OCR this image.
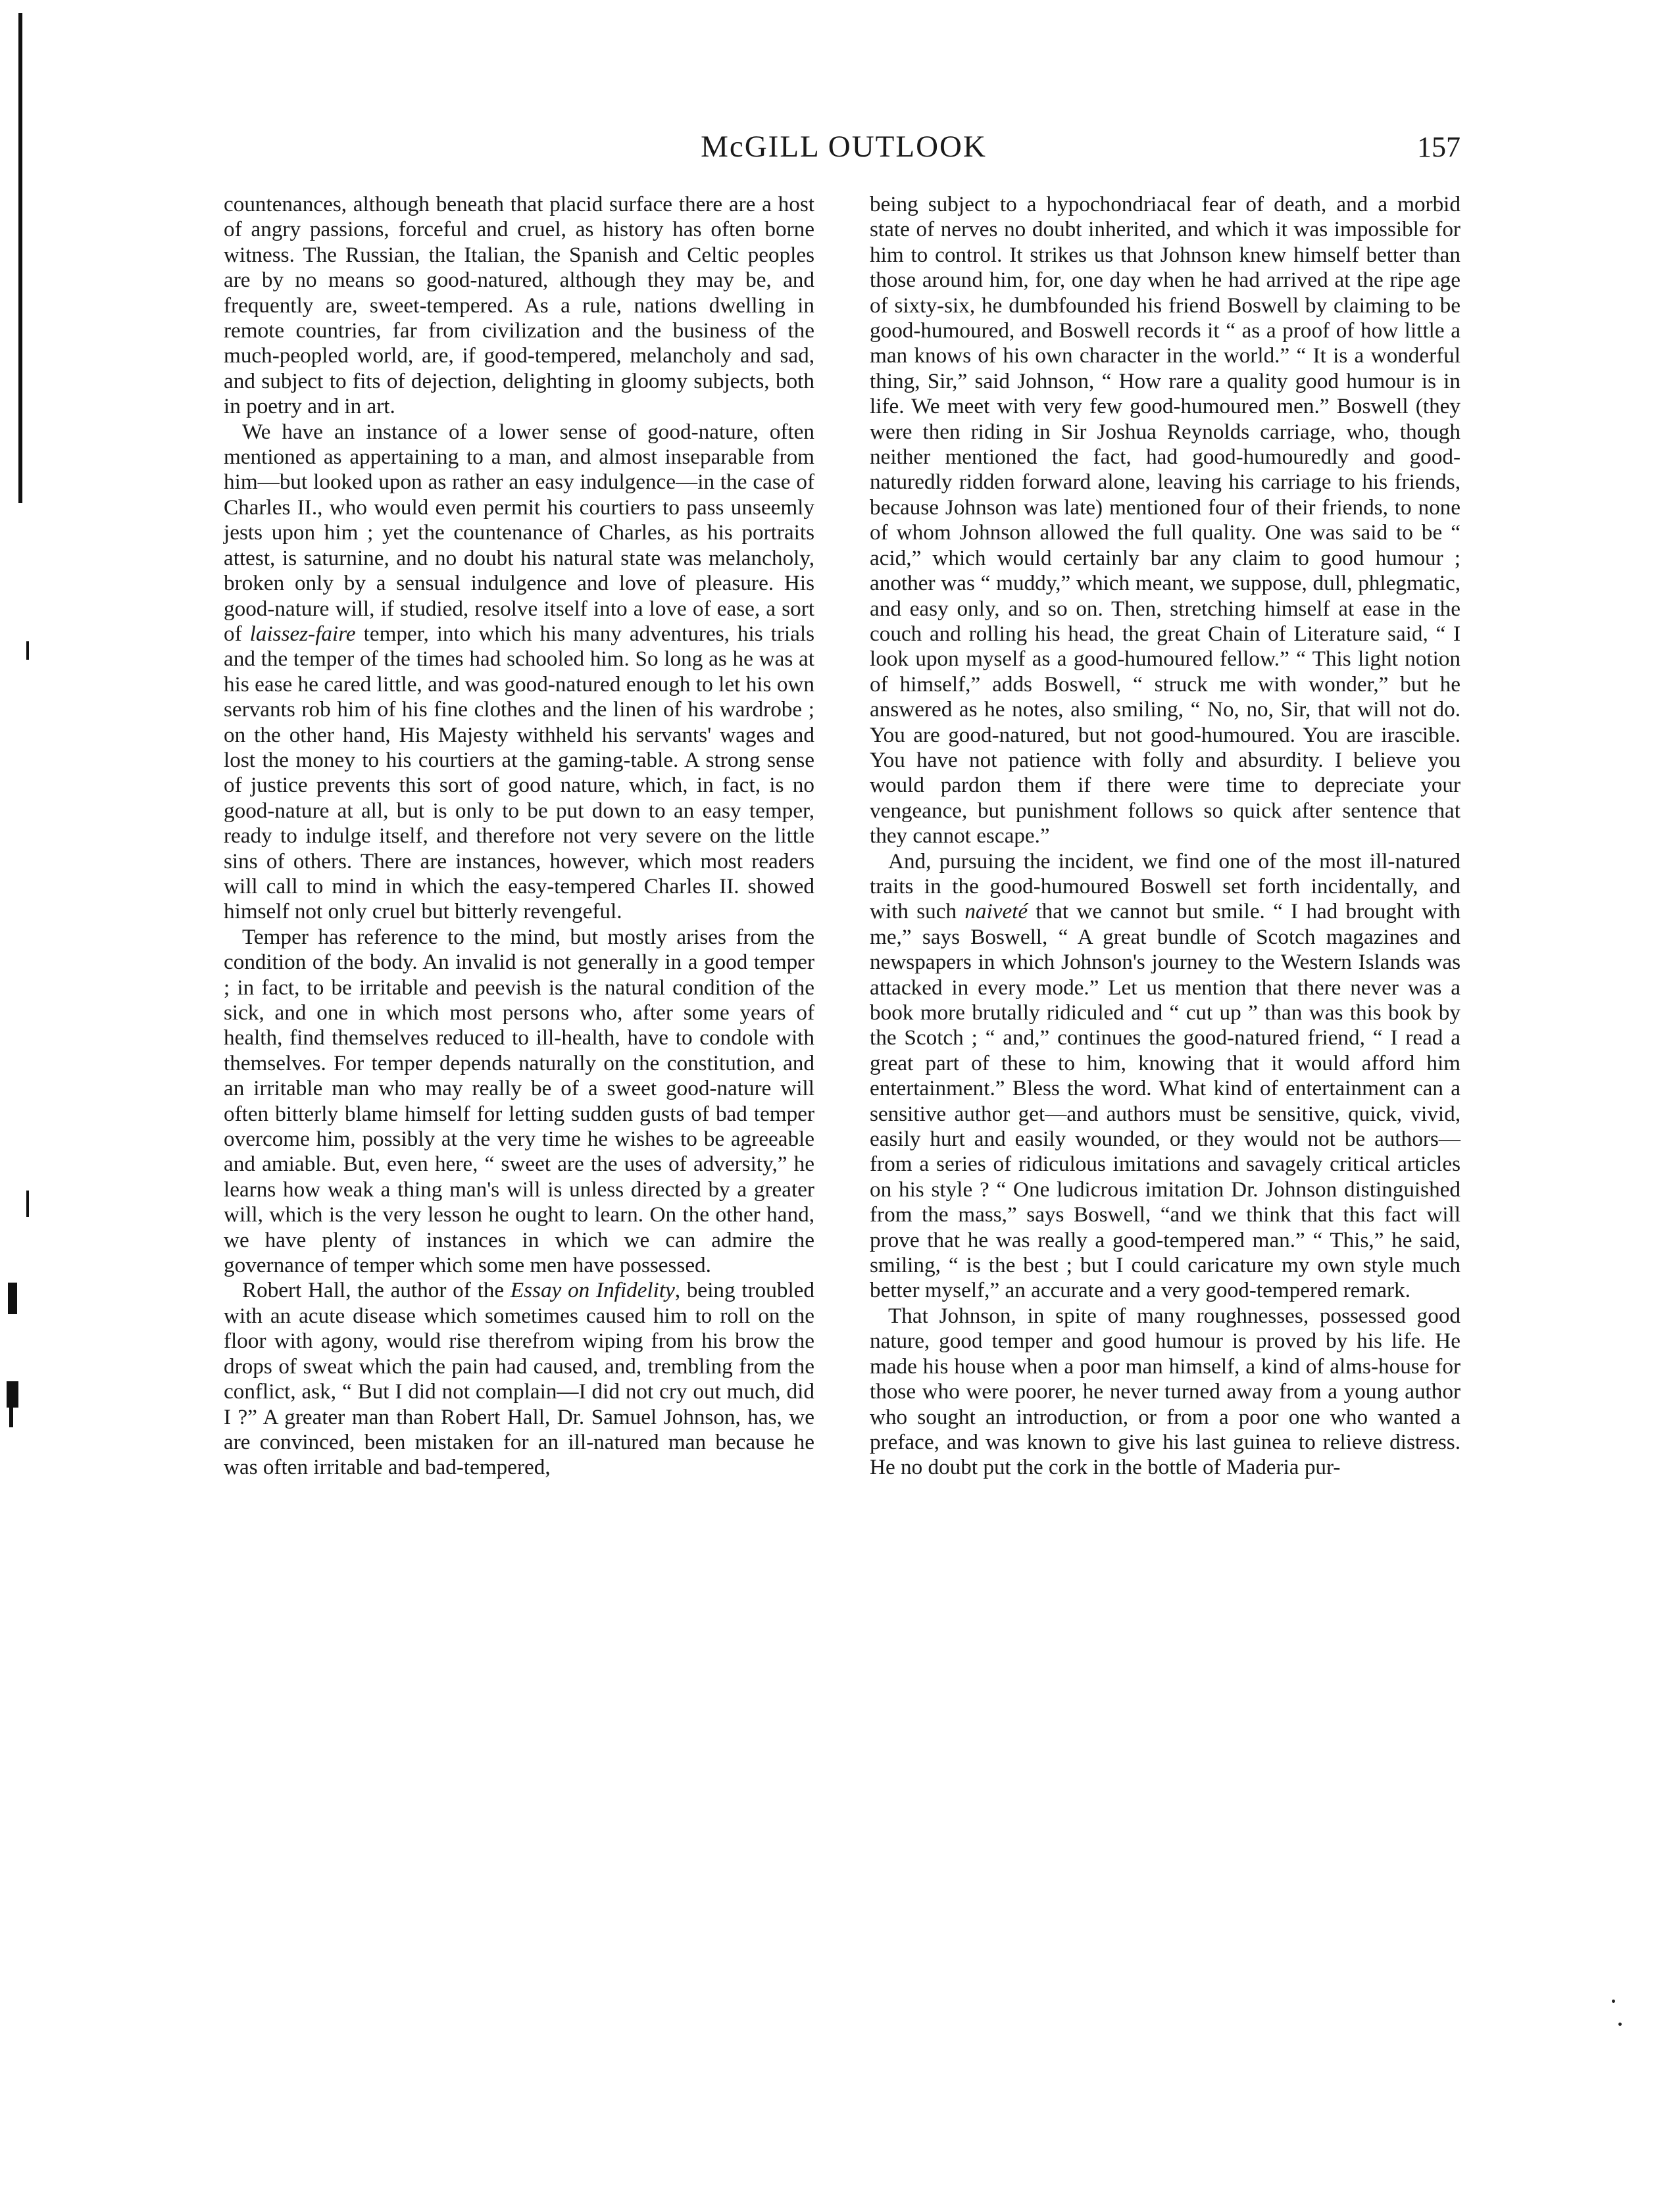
McGILL OUTLOOK	157

countenances, although beneath that placid surface there are a host of angry passions, forceful and cruel, as history has often borne witness. The Russian, the Italian, the Spanish and Celtic peoples are by no means so good-natured, although they may be, and frequently are, sweet-tempered. As a rule, nations dwelling in remote countries, far from civilization and the business of the much-peopled world, are, if good-tempered, melancholy and sad, and subject to fits of dejection, delighting in gloomy subjects, both in poetry and in art.

We have an instance of a lower sense of good-nature, often mentioned as appertaining to a man, and almost inseparable from him—but looked upon as rather an easy indulgence—in the case of Charles II., who would even permit his courtiers to pass unseemly jests upon him ; yet the countenance of Charles, as his portraits attest, is saturnine, and no doubt his natural state was melancholy, broken only by a sensual indulgence and love of pleasure. His good-nature will, if studied, resolve itself into a love of ease, a sort of laissez-faire temper, into which his many adventures, his trials and the temper of the times had schooled him. So long as he was at his ease he cared little, and was good-natured enough to let his own servants rob him of his fine clothes and the linen of his wardrobe ; on the other hand, His Majesty withheld his servants' wages and lost the money to his courtiers at the gaming-table. A strong sense of justice prevents this sort of good nature, which, in fact, is no good-nature at all, but is only to be put down to an easy temper, ready to indulge itself, and therefore not very severe on the little sins of others. There are instances, however, which most readers will call to mind in which the easy-tempered Charles II. showed himself not only cruel but bitterly revengeful.

Temper has reference to the mind, but mostly arises from the condition of the body. An invalid is not generally in a good temper ; in fact, to be irritable and peevish is the natural condition of the sick, and one in which most persons who, after some years of health, find themselves reduced to ill-health, have to condole with themselves. For temper depends naturally on the constitution, and an irritable man who may really be of a sweet good-nature will often bitterly blame himself for letting sudden gusts of bad temper overcome him, possibly at the very time he wishes to be agreeable and amiable. But, even here, “ sweet are the uses of adversity,” he learns how weak a thing man's will is unless directed by a greater will, which is the very lesson he ought to learn. On the other hand, we have plenty of instances in which we can admire the governance of temper which some men have possessed.

Robert Hall, the author of the Essay on Infidelity, being troubled with an acute disease which sometimes caused him to roll on the floor with agony, would rise therefrom wiping from his brow the drops of sweat which the pain had caused, and, trembling from the conflict, ask, “ But I did not complain—I did not cry out much, did I ?” A greater man than Robert Hall, Dr. Samuel Johnson, has, we are convinced, been mistaken for an ill-natured man because he was often irritable and bad-tempered,

being subject to a hypochondriacal fear of death, and a morbid state of nerves no doubt inherited, and which it was impossible for him to control. It strikes us that Johnson knew himself better than those around him, for, one day when he had arrived at the ripe age of sixty-six, he dumbfounded his friend Boswell by claiming to be good-humoured, and Boswell records it “ as a proof of how little a man knows of his own character in the world.” “ It is a wonderful thing, Sir,” said Johnson, “ How rare a quality good humour is in life. We meet with very few good-humoured men.” Boswell (they were then riding in Sir Joshua Reynolds carriage, who, though neither mentioned the fact, had good-humouredly and good-naturedly ridden forward alone, leaving his carriage to his friends, because Johnson was late) mentioned four of their friends, to none of whom Johnson allowed the full quality. One was said to be “ acid,” which would certainly bar any claim to good humour ; another was “ muddy,” which meant, we suppose, dull, phlegmatic, and easy only, and so on. Then, stretching himself at ease in the couch and rolling his head, the great Chain of Literature said, “ I look upon myself as a good-humoured fellow.” “ This light notion of himself,” adds Boswell, “ struck me with wonder,” but he answered as he notes, also smiling, “ No, no, Sir, that will not do. You are good-natured, but not good-humoured. You are irascible. You have not patience with folly and absurdity. I believe you would pardon them if there were time to depreciate your vengeance, but punishment follows so quick after sentence that they cannot escape.”

And, pursuing the incident, we find one of the most ill-natured traits in the good-humoured Boswell set forth incidentally, and with such naiveté that we cannot but smile. “ I had brought with me,” says Boswell, “ A great bundle of Scotch magazines and newspapers in which Johnson's journey to the Western Islands was attacked in every mode.” Let us mention that there never was a book more brutally ridiculed and “ cut up ” than was this book by the Scotch ; “ and,” continues the good-natured friend, “ I read a great part of these to him, knowing that it would afford him entertainment.” Bless the word. What kind of entertainment can a sensitive author get—and authors must be sensitive, quick, vivid, easily hurt and easily wounded, or they would not be authors—from a series of ridiculous imitations and savagely critical articles on his style ? “ One ludicrous imitation Dr. Johnson distinguished from the mass,” says Boswell, “and we think that this fact will prove that he was really a good-tempered man.” “ This,” he said, smiling, “ is the best ; but I could caricature my own style much better myself,” an accurate and a very good-tempered remark.

That Johnson, in spite of many roughnesses, possessed good nature, good temper and good humour is proved by his life. He made his house when a poor man himself, a kind of alms-house for those who were poorer, he never turned away from a young author who sought an introduction, or from a poor one who wanted a preface, and was known to give his last guinea to relieve distress. He no doubt put the cork in the bottle of Maderia pur-
